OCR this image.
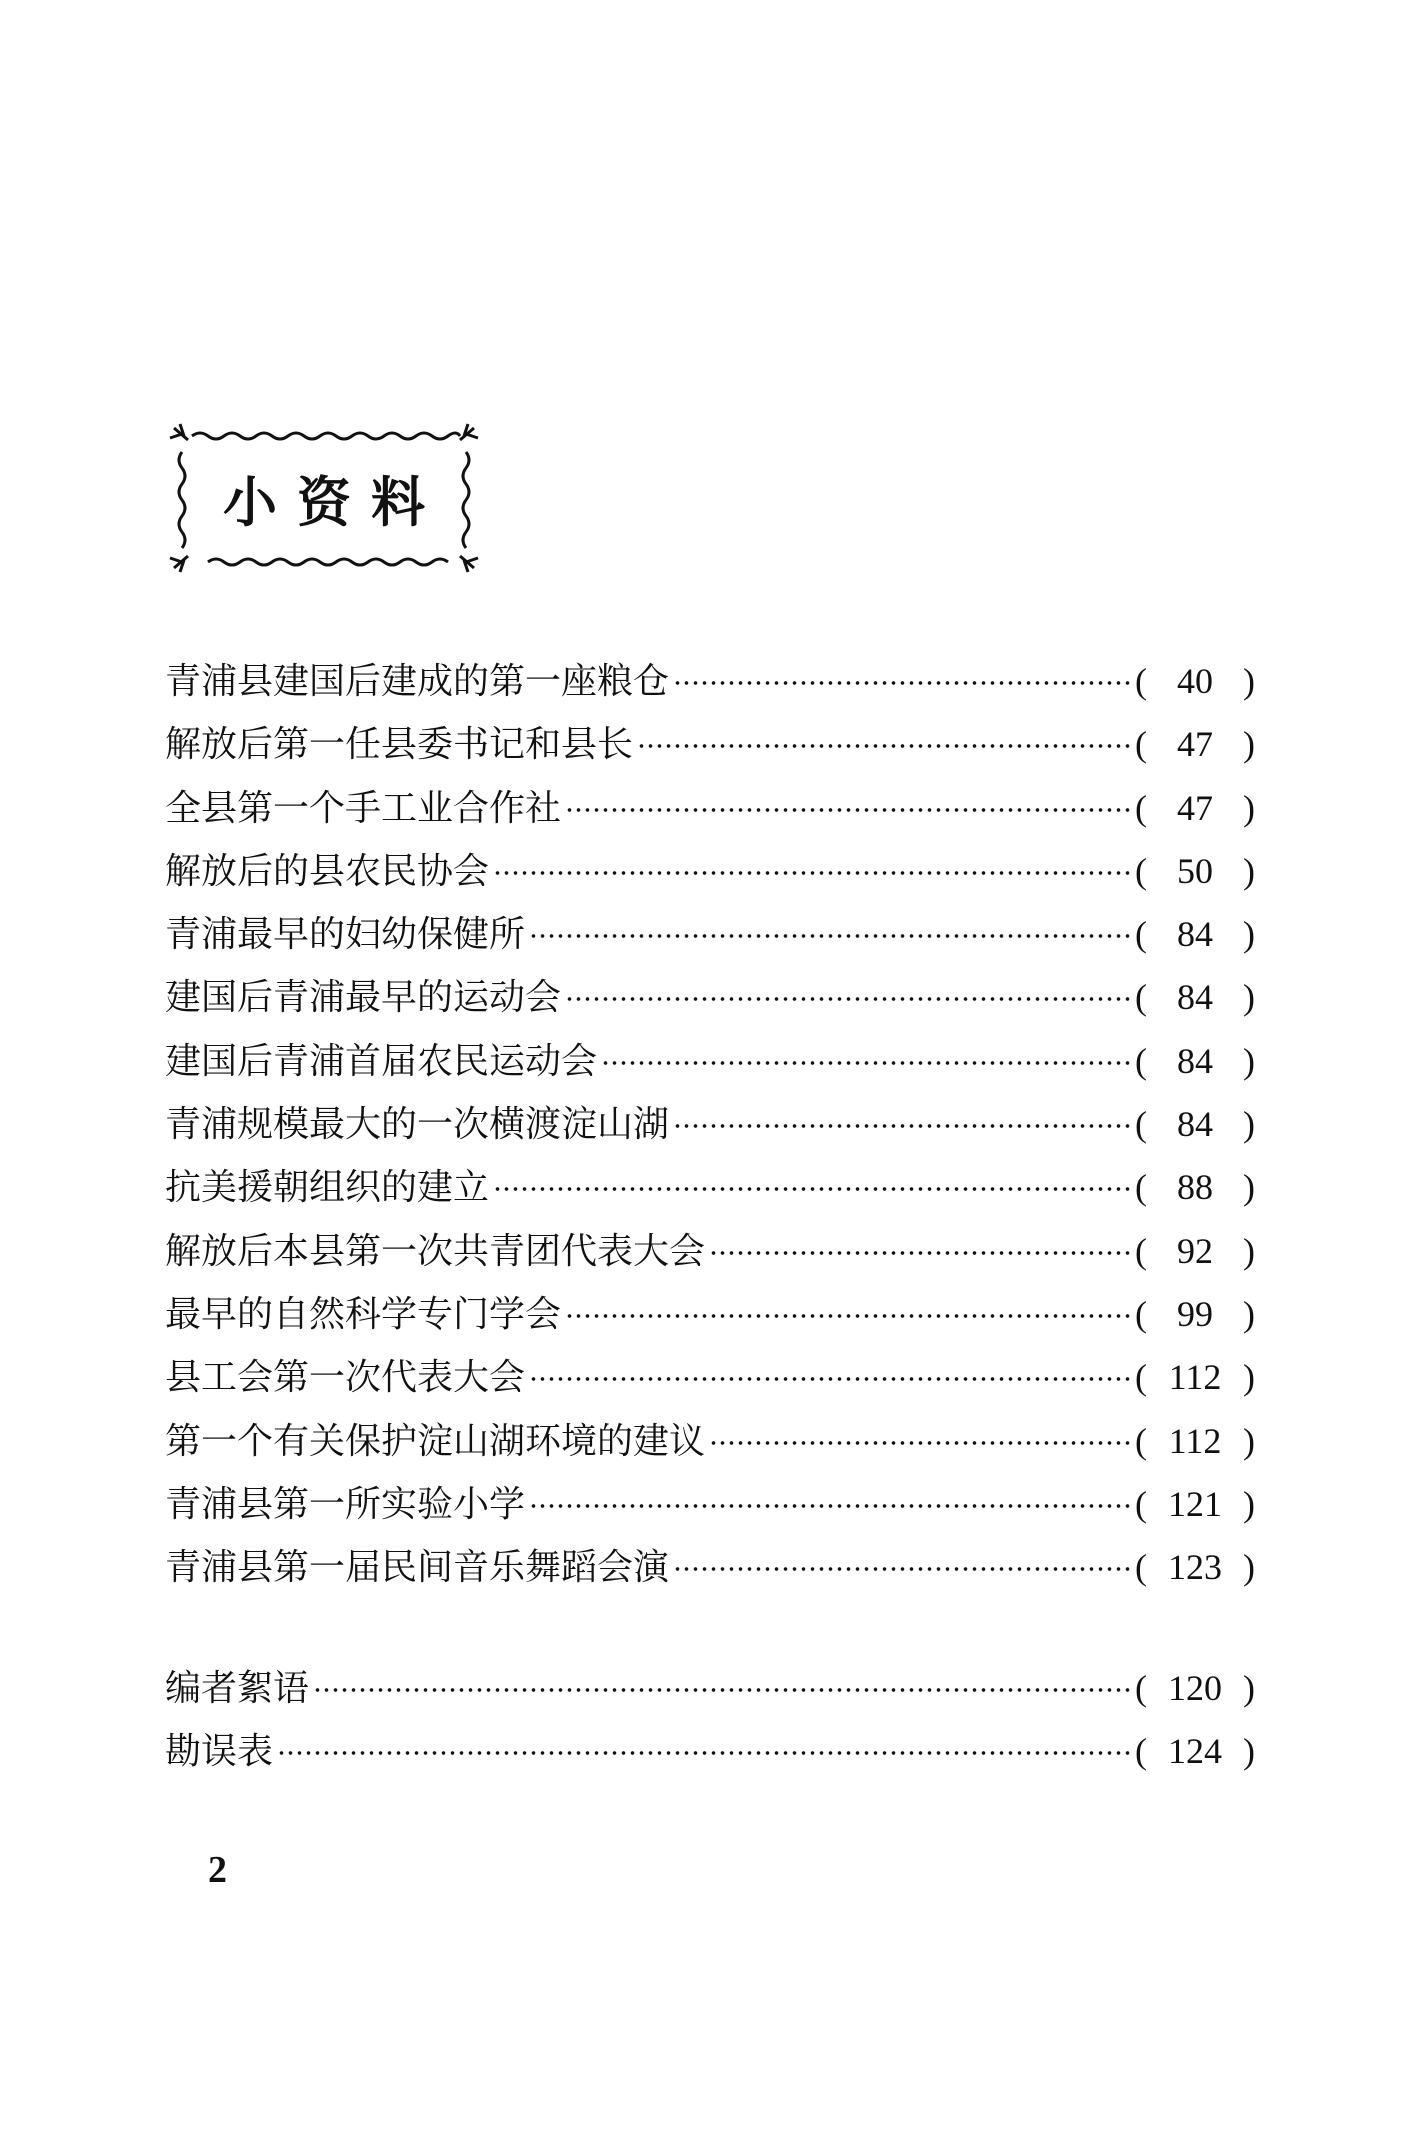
小资料
青浦县建国后建成的第一座粮仓	( 40 )
解放后第一任县委书记和县长	( 47 )
全县第一个手工业合作社	( 47 )
解放后的县农民协会	( 50 )
青浦最早的妇幼保健所	( 84 )
建国后青浦最早的运动会	( 84 )
建国后青浦首届农民运动会	( 84 )
青浦规模最大的一次横渡淀山湖	( 84 )
抗美援朝组织的建立	( 88 )
解放后本县第一次共青团代表大会	( 92 )
最早的自然科学专门学会	( 99 )
县工会第一次代表大会	( 112 )
第一个有关保护淀山湖环境的建议	( 112 )
青浦县第一所实验小学	( 121 )
青浦县第一届民间音乐舞蹈会演	( 123 )
编者絮语	( 120 )
勘误表	( 124 )
2
